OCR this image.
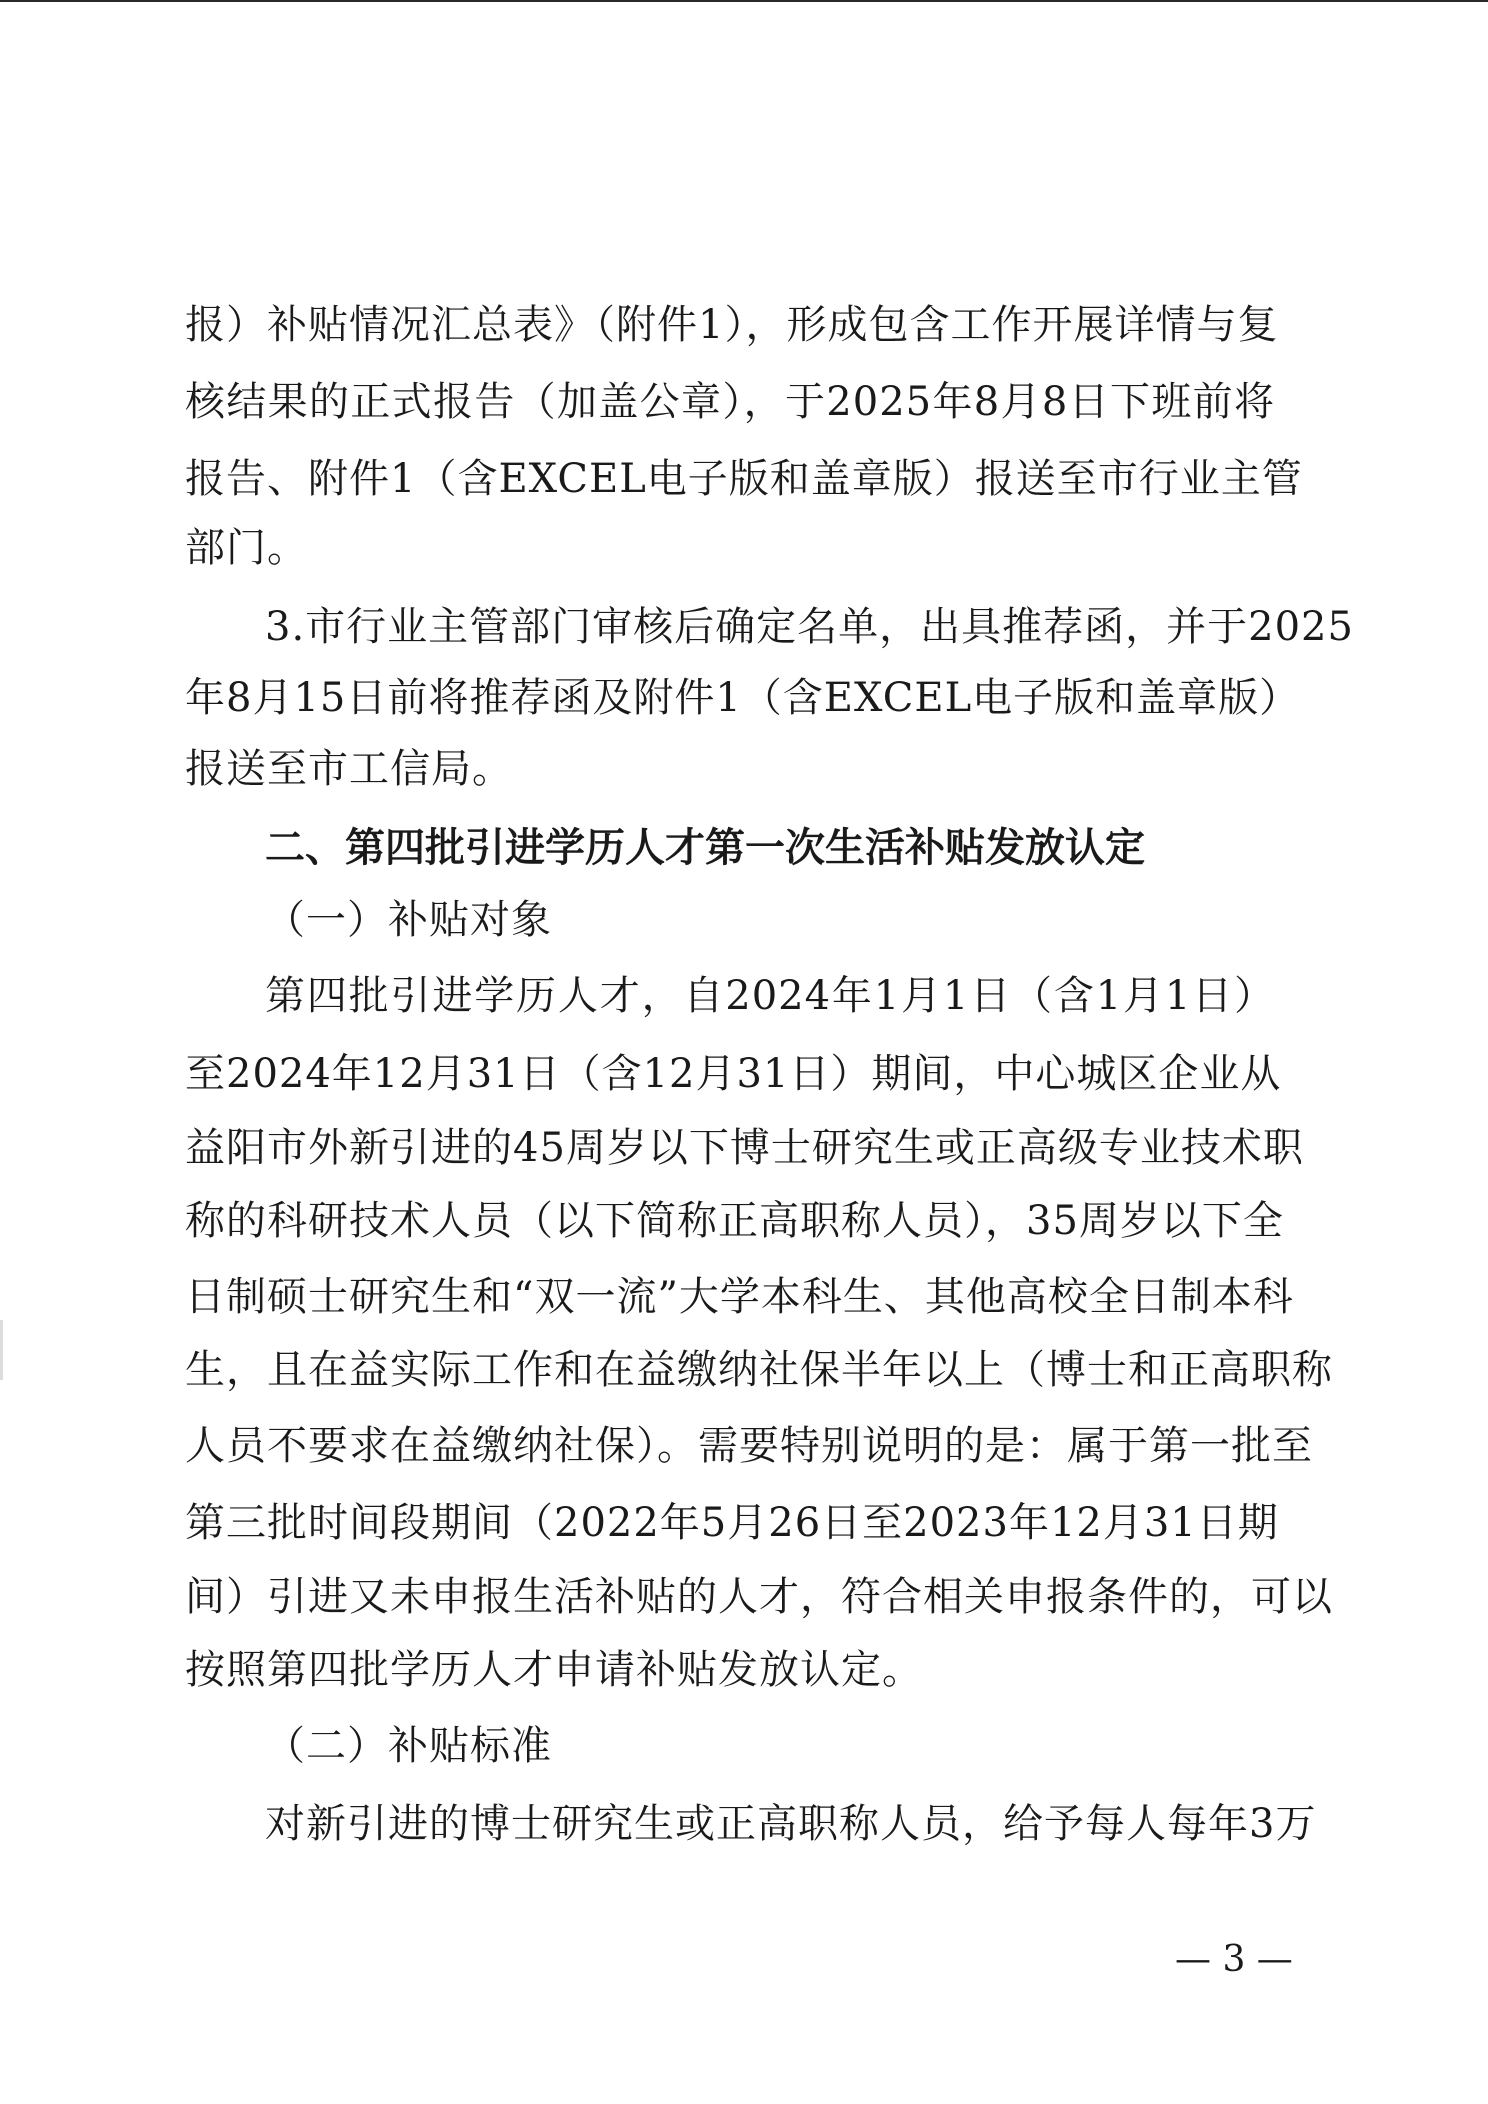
报）补贴情况汇总表》（附件1），形成包含工作开展详情与复
核结果的正式报告（加盖公章），于2025年8月8日下班前将
报告、附件1（含EXCEL电子版和盖章版）报送至市行业主管
部门。
3.市行业主管部门审核后确定名单，出具推荐函，并于2025
年8月15日前将推荐函及附件1（含EXCEL电子版和盖章版）
报送至市工信局。
二、第四批引进学历人才第一次生活补贴发放认定
（一）补贴对象
第四批引进学历人才，自2024年1月1日（含1月1日）
至2024年12月31日（含12月31日）期间，中心城区企业从
益阳市外新引进的45周岁以下博士研究生或正高级专业技术职
称的科研技术人员（以下简称正高职称人员），35周岁以下全
日制硕士研究生和“双一流”大学本科生、其他高校全日制本科
生，且在益实际工作和在益缴纳社保半年以上（博士和正高职称
人员不要求在益缴纳社保）。需要特别说明的是：属于第一批至
第三批时间段期间（2022年5月26日至2023年12月31日期
间）引进又未申报生活补贴的人才，符合相关申报条件的，可以
按照第四批学历人才申请补贴发放认定。
（二）补贴标准
对新引进的博士研究生或正高职称人员，给予每人每年3万
— 3 —
